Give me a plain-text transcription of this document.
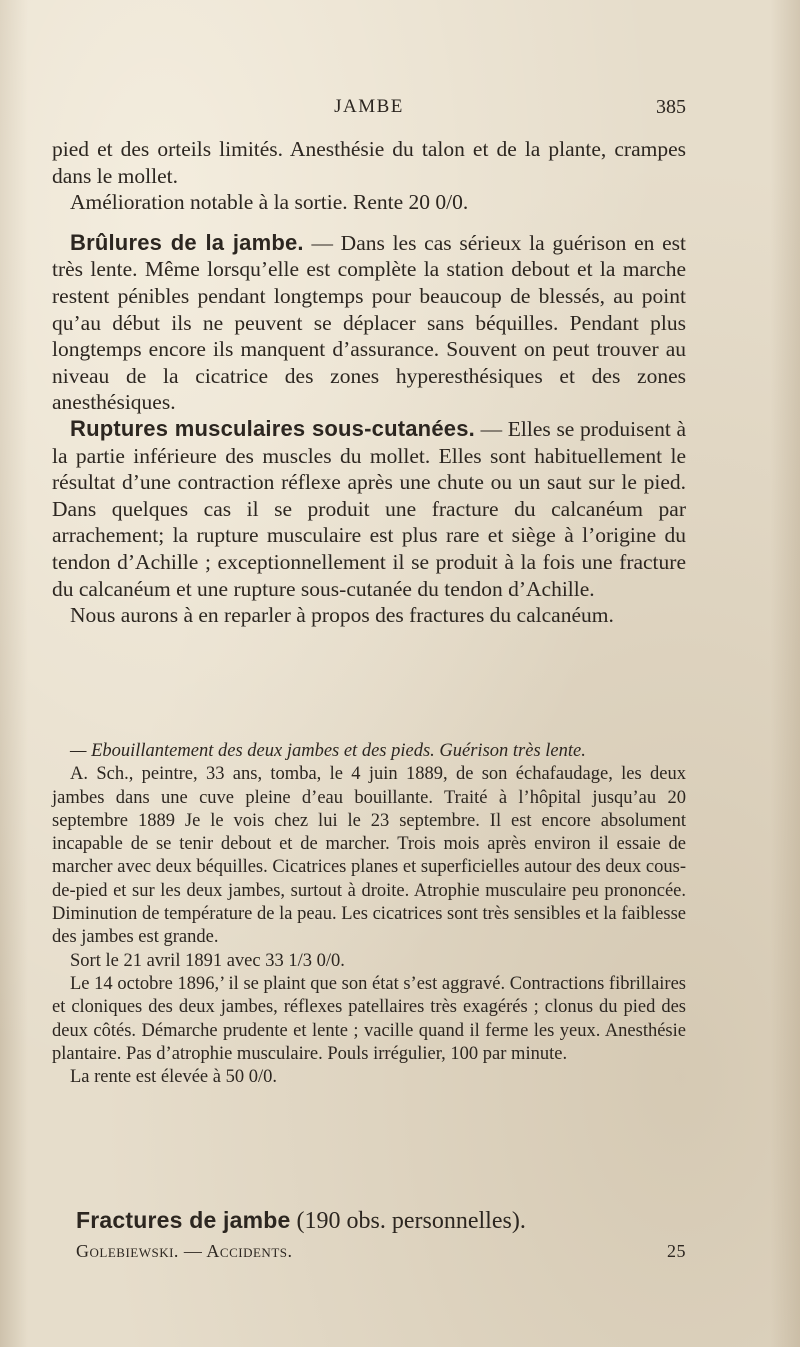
JAMBE	385

pied et des orteils limités. Anesthésie du talon et de la plante, crampes dans le mollet.

Amélioration notable à la sortie. Rente 20 0/0.

Brûlures de la jambe. — Dans les cas sérieux la guérison en est très lente. Même lorsqu’elle est complète la station debout et la marche restent pénibles pendant longtemps pour beaucoup de blessés, au point qu’au début ils ne peuvent se déplacer sans béquilles. Pendant plus longtemps encore ils manquent d’assurance. Souvent on peut trouver au niveau de la cicatrice des zones hyperesthésiques et des zones anesthésiques.

Ruptures musculaires sous-cutanées. — Elles se produisent à la partie inférieure des muscles du mollet. Elles sont habituellement le résultat d’une contraction réflexe après une chute ou un saut sur le pied. Dans quelques cas il se produit une fracture du calcanéum par arrachement; la rupture musculaire est plus rare et siège à l’origine du tendon d’Achille ; exceptionnellement il se produit à la fois une fracture du calcanéum et une rupture sous-cutanée du tendon d’Achille.

Nous aurons à en reparler à propos des fractures du calcanéum.

— Ebouillantement des deux jambes et des pieds. Guérison très lente.

A. Sch., peintre, 33 ans, tomba, le 4 juin 1889, de son échafaudage, les deux jambes dans une cuve pleine d’eau bouillante. Traité à l’hôpital jusqu’au 20 septembre 1889 Je le vois chez lui le 23 septembre. Il est encore absolument incapable de se tenir debout et de marcher. Trois mois après environ il essaie de marcher avec deux béquilles. Cicatrices planes et superficielles autour des deux cous-de-pied et sur les deux jambes, surtout à droite. Atrophie musculaire peu prononcée. Diminution de température de la peau. Les cicatrices sont très sensibles et la faiblesse des jambes est grande.

Sort le 21 avril 1891 avec 33 1/3 0/0.

Le 14 octobre 1896,’ il se plaint que son état s’est aggravé. Contractions fibrillaires et cloniques des deux jambes, réflexes patellaires très exagérés ; clonus du pied des deux côtés. Démarche prudente et lente ; vacille quand il ferme les yeux. Anesthésie plantaire. Pas d’atrophie musculaire. Pouls irrégulier, 100 par minute.

La rente est élevée à 50 0/0.

Fractures de jambe (190 obs. personnelles).
Golebiewski. — Accidents.	25
